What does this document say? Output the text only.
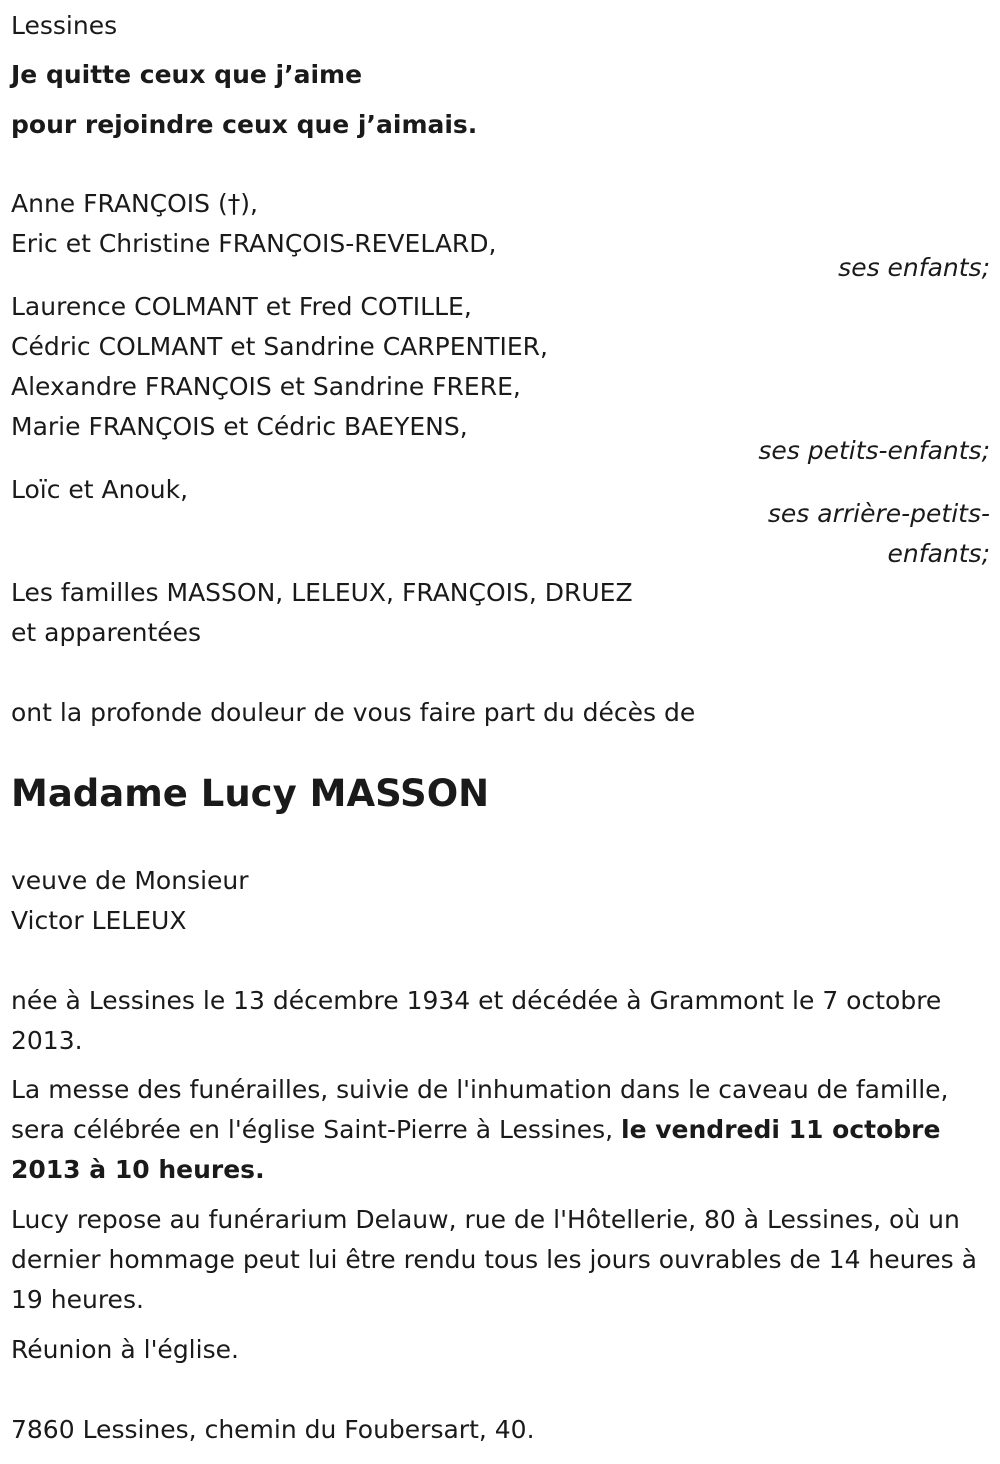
Lessines
Je quitte ceux que j’aime
pour rejoindre ceux que j’aimais.
Anne FRANÇOIS (†),
Eric et Christine FRANÇOIS-REVELARD,
ses enfants;
Laurence COLMANT et Fred COTILLE,
Cédric COLMANT et Sandrine CARPENTIER,
Alexandre FRANÇOIS et Sandrine FRERE,
Marie FRANÇOIS et Cédric BAEYENS,
ses petits-enfants;
Loïc et Anouk,
ses arrière-petits-
enfants;
Les familles MASSON, LELEUX, FRANÇOIS, DRUEZ
et apparentées
ont la profonde douleur de vous faire part du décès de
Madame Lucy MASSON
veuve de Monsieur
Victor LELEUX
née à Lessines le 13 décembre 1934 et décédée à Grammont le 7 octobre 2013.
La messe des funérailles, suivie de l'inhumation dans le caveau de famille, sera célébrée en l'église Saint-Pierre à Lessines, le vendredi 11 octobre 2013 à 10 heures.
Lucy repose au funérarium Delauw, rue de l'Hôtellerie, 80 à Lessines, où un dernier hommage peut lui être rendu tous les jours ouvrables de 14 heures à 19 heures.
Réunion à l'église.
7860 Lessines, chemin du Foubersart, 40.
